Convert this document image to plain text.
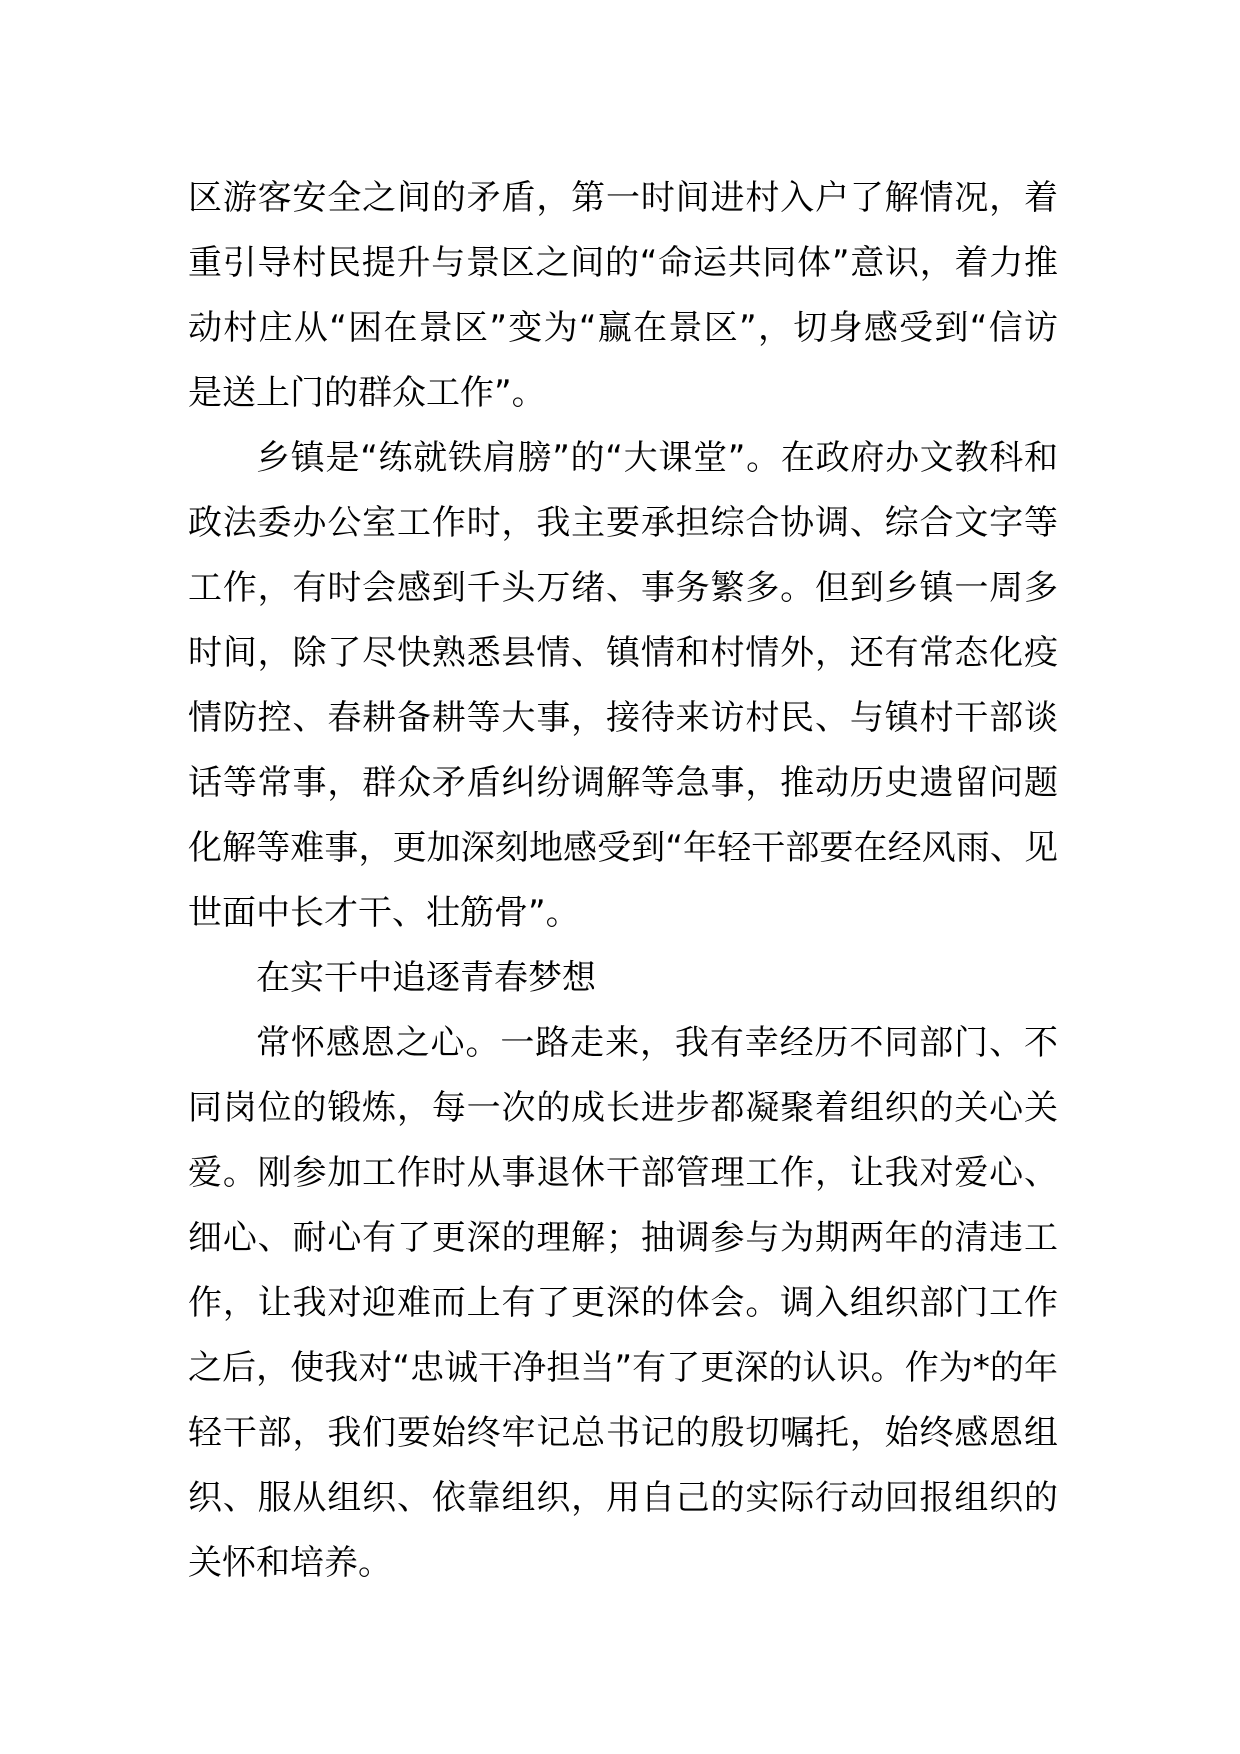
区游客安全之间的矛盾，第一时间进村入户了解情况，着重引导村民提升与景区之间的“命运共同体”意识，着力推动村庄从“困在景区”变为“赢在景区”，切身感受到“信访是送上门的群众工作”。

乡镇是“练就铁肩膀”的“大课堂”。在政府办文教科和政法委办公室工作时，我主要承担综合协调、综合文字等工作，有时会感到千头万绪、事务繁多。但到乡镇一周多时间，除了尽快熟悉县情、镇情和村情外，还有常态化疫情防控、春耕备耕等大事，接待来访村民、与镇村干部谈话等常事，群众矛盾纠纷调解等急事，推动历史遗留问题化解等难事，更加深刻地感受到“年轻干部要在经风雨、见世面中长才干、壮筋骨”。

在实干中追逐青春梦想

常怀感恩之心。一路走来，我有幸经历不同部门、不同岗位的锻炼，每一次的成长进步都凝聚着组织的关心关爱。刚参加工作时从事退休干部管理工作，让我对爱心、细心、耐心有了更深的理解；抽调参与为期两年的清违工作，让我对迎难而上有了更深的体会。调入组织部门工作之后，使我对“忠诚干净担当”有了更深的认识。作为*的年轻干部，我们要始终牢记总书记的殷切嘱托，始终感恩组织、服从组织、依靠组织，用自己的实际行动回报组织的关怀和培养。
